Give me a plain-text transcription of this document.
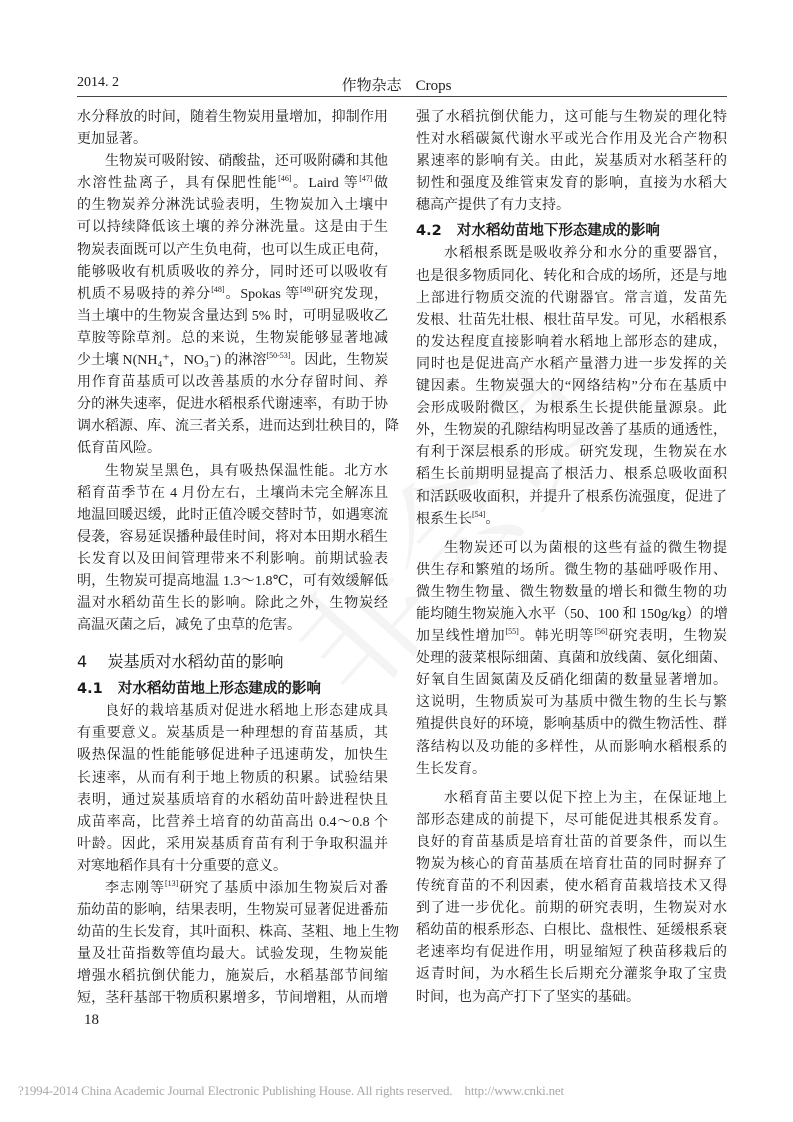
2014. 2	作物杂志 Crops
水分释放的时间，随着生物炭用量增加，抑制作用
更加显著。
生物炭可吸附铵、硝酸盐，还可吸附磷和其他
水溶性盐离子，具有保肥性能[46]。Laird 等[47]做
的生物炭养分淋洗试验表明，生物炭加入土壤中
可以持续降低该土壤的养分淋洗量。这是由于生
物炭表面既可以产生负电荷，也可以生成正电荷，
能够吸收有机质吸收的养分，同时还可以吸收有
机质不易吸持的养分[48]。Spokas 等[49]研究发现，
当土壤中的生物炭含量达到 5% 时，可明显吸收乙
草胺等除草剂。总的来说，生物炭能够显著地减
少土壤 N(NH₄⁺，NO₃⁻) 的淋溶[50-53]。因此，生物炭
用作育苗基质可以改善基质的水分存留时间、养
分的淋失速率，促进水稻根系代谢速率，有助于协
调水稻源、库、流三者关系，进而达到壮秧目的，降
低育苗风险。
生物炭呈黑色，具有吸热保温性能。北方水
稻育苗季节在 4 月份左右，土壤尚未完全解冻且
地温回暖迟缓，此时正值冷暖交替时节，如遇寒流
侵袭，容易延误播种最佳时间，将对本田期水稻生
长发育以及田间管理带来不利影响。前期试验表
明，生物炭可提高地温 1.3～1.8℃，可有效缓解低
温对水稻幼苗生长的影响。除此之外，生物炭经
高温灭菌之后，减免了虫草的危害。
4    炭基质对水稻幼苗的影响
4.1   对水稻幼苗地上形态建成的影响
良好的栽培基质对促进水稻地上形态建成具
有重要意义。炭基质是一种理想的育苗基质，其
吸热保温的性能能够促进种子迅速萌发，加快生
长速率，从而有利于地上物质的积累。试验结果
表明，通过炭基质培育的水稻幼苗叶龄进程快且
成苗率高，比营养土培育的幼苗高出 0.4～0.8 个
叶龄。因此，采用炭基质育苗有利于争取积温并
对寒地稻作具有十分重要的意义。
李志刚等[13]研究了基质中添加生物炭后对番
茄幼苗的影响，结果表明，生物炭可显著促进番茄
幼苗的生长发育，其叶面积、株高、茎粗、地上生物
量及壮苗指数等值均最大。试验发现，生物炭能
增强水稻抗倒伏能力，施炭后，水稻基部节间缩
短，茎秆基部干物质积累增多，节间增粗，从而增
强了水稻抗倒伏能力，这可能与生物炭的理化特
性对水稻碳氮代谢水平或光合作用及光合产物积
累速率的影响有关。由此，炭基质对水稻茎秆的
韧性和强度及维管束发育的影响，直接为水稻大
穗高产提供了有力支持。
4.2   对水稻幼苗地下形态建成的影响
水稻根系既是吸收养分和水分的重要器官，
也是很多物质同化、转化和合成的场所，还是与地
上部进行物质交流的代谢器官。常言道，发苗先
发根、壮苗先壮根、根壮苗早发。可见，水稻根系
的发达程度直接影响着水稻地上部形态的建成，
同时也是促进高产水稻产量潜力进一步发挥的关
键因素。生物炭强大的“网络结构”分布在基质中
会形成吸附微区，为根系生长提供能量源泉。此
外，生物炭的孔隙结构明显改善了基质的通透性，
有利于深层根系的形成。研究发现，生物炭在水
稻生长前期明显提高了根活力、根系总吸收面积
和活跃吸收面积，并提升了根系伤流强度，促进了
根系生长[54]。
生物炭还可以为菌根的这些有益的微生物提
供生存和繁殖的场所。微生物的基础呼吸作用、
微生物生物量、微生物数量的增长和微生物的功
能均随生物炭施入水平（50、100 和 150g/kg）的增
加呈线性增加[55]。韩光明等[56]研究表明，生物炭
处理的菠菜根际细菌、真菌和放线菌、氨化细菌、
好氧自生固氮菌及反硝化细菌的数量显著增加。
这说明，生物质炭可为基质中微生物的生长与繁
殖提供良好的环境，影响基质中的微生物活性、群
落结构以及功能的多样性，从而影响水稻根系的
生长发育。
水稻育苗主要以促下控上为主，在保证地上
部形态建成的前提下，尽可能促进其根系发育。
良好的育苗基质是培育壮苗的首要条件，而以生
物炭为核心的育苗基质在培育壮苗的同时摒弃了
传统育苗的不利因素，使水稻育苗栽培技术又得
到了进一步优化。前期的研究表明，生物炭对水
稻幼苗的根系形态、白根比、盘根性、延缓根系衰
老速率均有促进作用，明显缩短了秧苗移栽后的
返青时间，为水稻生长后期充分灌浆争取了宝贵
时间，也为高产打下了坚实的基础。
18
?1994-2014 China Academic Journal Electronic Publishing House. All rights reserved.    http://www.cnki.net
